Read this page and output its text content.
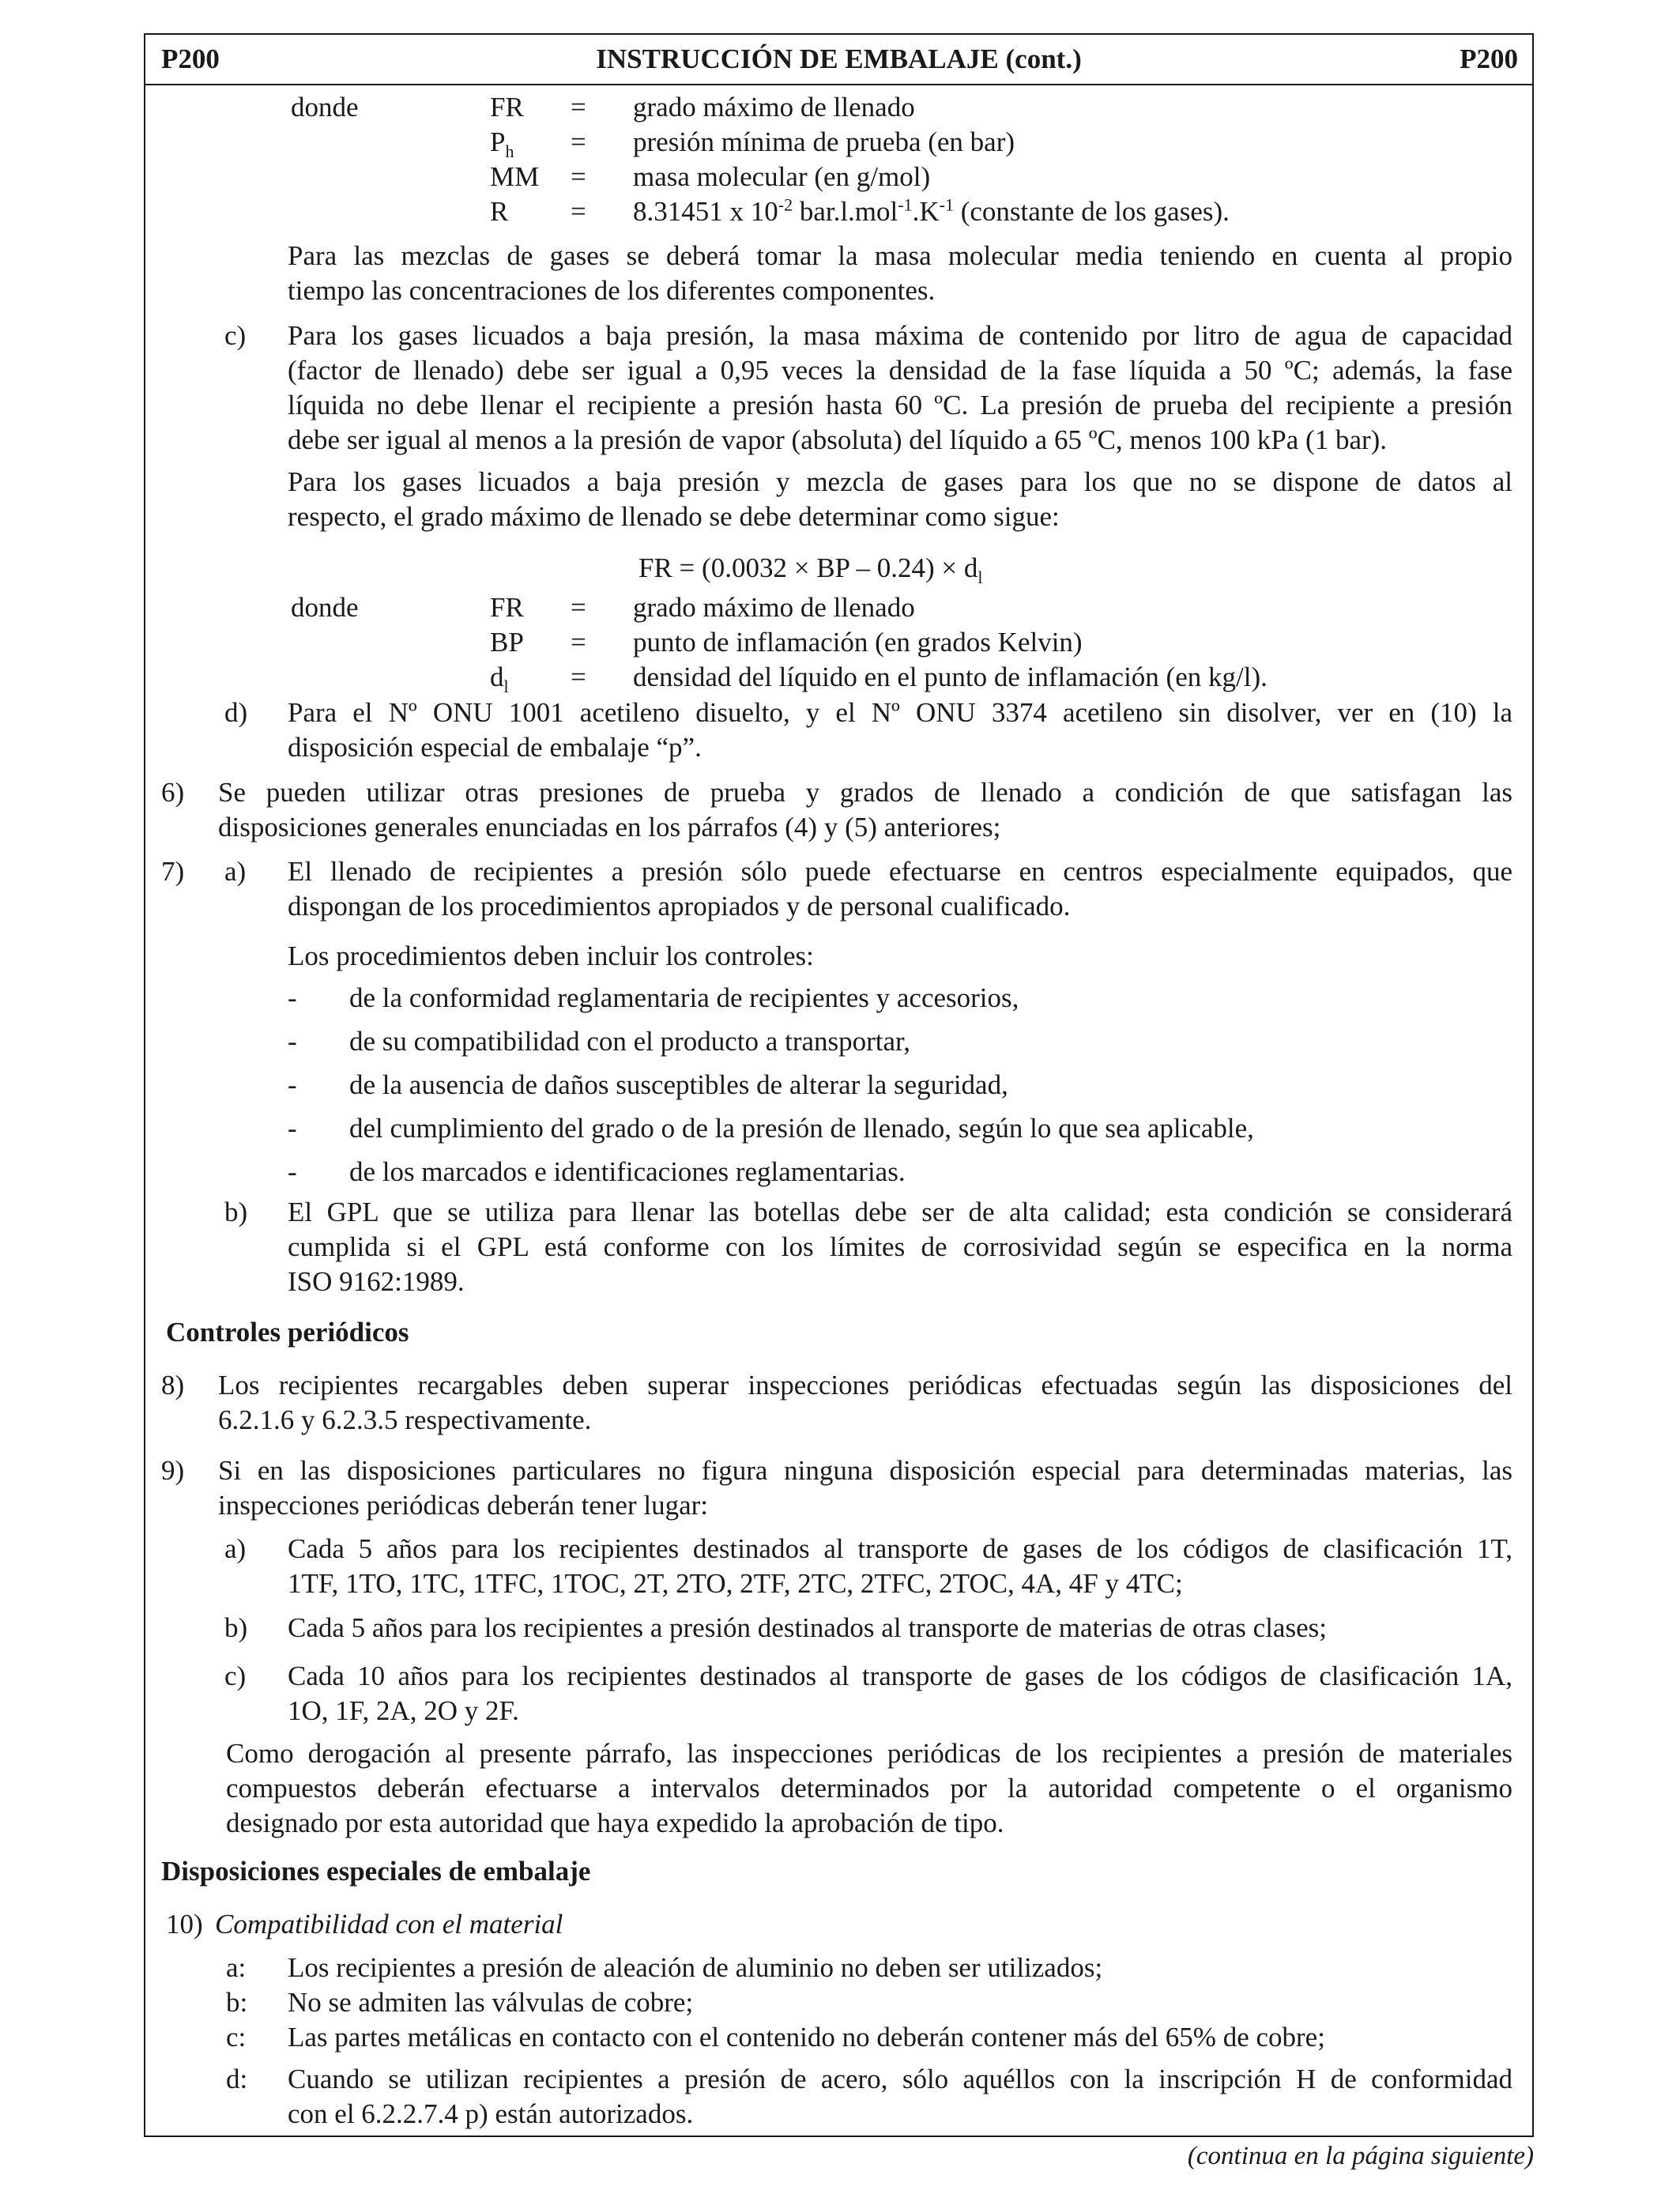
P200	INSTRUCCIÓN DE EMBALAJE (cont.)	P200
donde	FR = grado máximo de llenado
$P_h$ = presión mínima de prueba (en bar)
MM = masa molecular (en g/mol)
R = 8.31451 x $10^{-2}$ $bar.l.mol^{-1}.K^{-1}$ (constante de los gases).
Para las mezclas de gases se deberá tomar la masa molecular media teniendo en cuenta al propio
tiempo las concentraciones de los diferentes componentes.
c) Para los gases licuados a baja presión, la masa máxima de contenido por litro de agua de capacidad
(factor de llenado) debe ser igual a 0,95 veces la densidad de la fase líquida a 50 ºC; además, la fase
líquida no debe llenar el recipiente a presión hasta 60 ºC. La presión de prueba del recipiente a presión
debe ser igual al menos a la presión de vapor (absoluta) del líquido a 65 ºC, menos 100 kPa (1 bar).
Para los gases licuados a baja presión y mezcla de gases para los que no se dispone de datos al
respecto, el grado máximo de llenado se debe determinar como sigue:
FR = (0.0032 × BP – $0.24) \times d_l$
donde	FR = grado máximo de llenado
BP = punto de inflamación (en grados Kelvin)
$d_l$ = densidad del líquido en el punto de inflamación (en kg/l).
d) Para el Nº ONU 1001 acetileno disuelto, y el Nº ONU 3374 acetileno sin disolver, ver en (10) la
disposición especial de embalaje “p”.
6) Se pueden utilizar otras presiones de prueba y grados de llenado a condición de que satisfagan las
disposiciones generales enunciadas en los párrafos (4) y (5) anteriores;
7) a) El llenado de recipientes a presión sólo puede efectuarse en centros especialmente equipados, que
dispongan de los procedimientos apropiados y de personal cualificado.
Los procedimientos deben incluir los controles:
- de la conformidad reglamentaria de recipientes y accesorios,
- de su compatibilidad con el producto a transportar,
- de la ausencia de daños susceptibles de alterar la seguridad,
- del cumplimiento del grado o de la presión de llenado, según lo que sea aplicable,
- de los marcados e identificaciones reglamentarias.
b) El GPL que se utiliza para llenar las botellas debe ser de alta calidad; esta condición se considerará
cumplida si el GPL está conforme con los límites de corrosividad según se especifica en la norma
ISO 9162:1989.
Controles periódicos
8) Los recipientes recargables deben superar inspecciones periódicas efectuadas según las disposiciones del
6.2.1.6 y 6.2.3.5 respectivamente.
9) Si en las disposiciones particulares no figura ninguna disposición especial para determinadas materias, las
inspecciones periódicas deberán tener lugar:
a) Cada 5 años para los recipientes destinados al transporte de gases de los códigos de clasificación 1T,
1TF, 1TO, 1TC, 1TFC, 1TOC, 2T, 2TO, 2TF, 2TC, 2TFC, 2TOC, 4A, 4F y 4TC;
b) Cada 5 años para los recipientes a presión destinados al transporte de materias de otras clases;
c) Cada 10 años para los recipientes destinados al transporte de gases de los códigos de clasificación 1A,
1O, 1F, 2A, 2O y 2F.
Como derogación al presente párrafo, las inspecciones periódicas de los recipientes a presión de materiales
compuestos deberán efectuarse a intervalos determinados por la autoridad competente o el organismo
designado por esta autoridad que haya expedido la aprobación de tipo.
Disposiciones especiales de embalaje
10) Compatibilidad con el material
a: Los recipientes a presión de aleación de aluminio no deben ser utilizados;
b: No se admiten las válvulas de cobre;
c: Las partes metálicas en contacto con el contenido no deberán contener más del 65% de cobre;
d: Cuando se utilizan recipientes a presión de acero, sólo aquéllos con la inscripción H de conformidad
con el 6.2.2.7.4 p) están autorizados.
(continua en la página siguiente)
